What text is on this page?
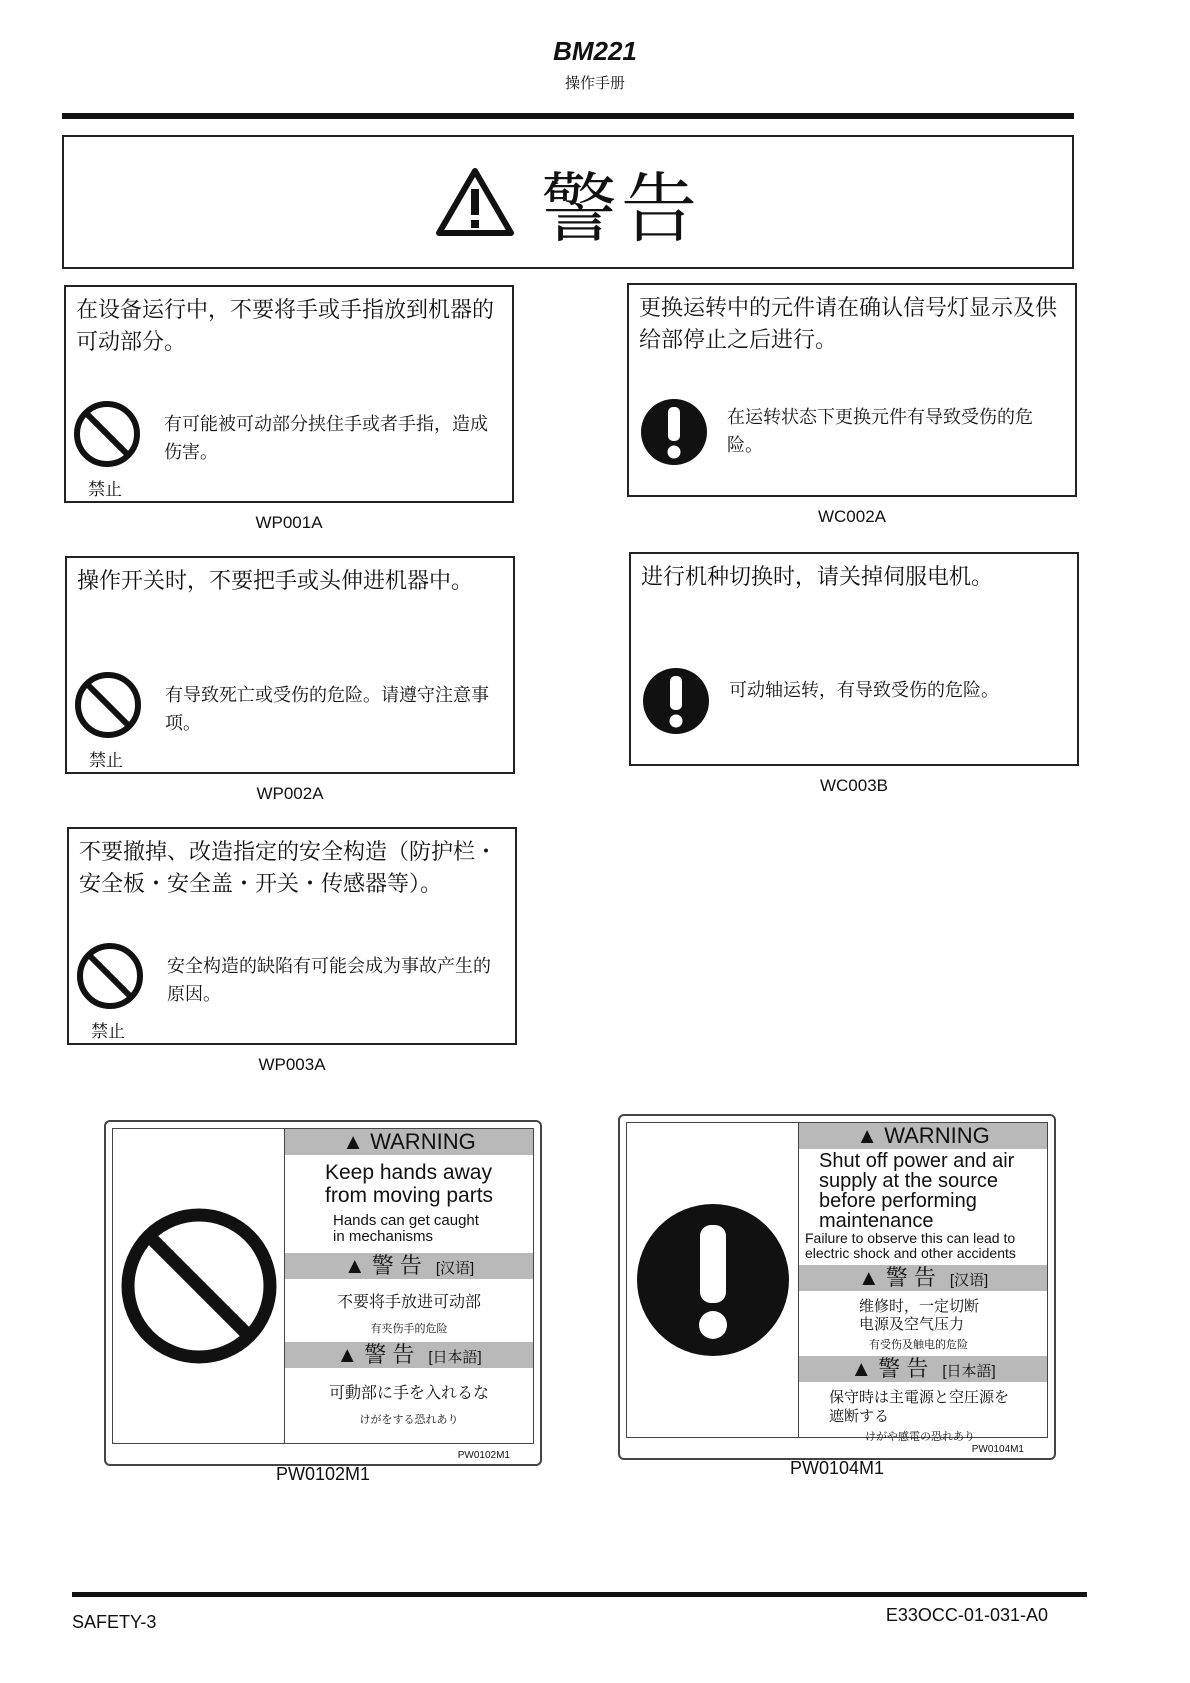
BM221
操作手册
警告
在设备运行中，不要将手或手指放到机器的可动部分。
禁止
有可能被可动部分挟住手或者手指，造成伤害。
WP001A
更换运转中的元件请在确认信号灯显示及供给部停止之后进行。
在运转状态下更换元件有导致受伤的危险。
WC002A
操作开关时，不要把手或头伸进机器中。
禁止
有导致死亡或受伤的危险。请遵守注意事项。
WP002A
进行机种切换时，请关掉伺服电机。
可动轴运转，有导致受伤的危险。
WC003B
不要撤掉、改造指定的安全构造（防护栏・安全板・安全盖・开关・传感器等）。
禁止
安全构造的缺陷有可能会成为事故产生的原因。
WP003A
▲ WARNING
Keep hands away
from moving parts
Hands can get caught
in mechanisms
▲ 警 告 [汉语]
不要将手放进可动部
有夹伤手的危险
▲ 警 告 [日本語]
可動部に手を入れるな
けがをする恐れあり
PW0102M1
PW0102M1
▲ WARNING
Shut off power and air
supply at the source
before performing
maintenance
Failure to observe this can lead to
electric shock and other accidents
▲ 警 告 [汉语]
维修时，一定切断
电源及空气压力
有受伤及触电的危险
▲ 警 告 [日本語]
保守時は主電源と空圧源を
遮断する
けがや感電の恐れあり
PW0104M1
PW0104M1
SAFETY-3	E33OCC-01-031-A0
